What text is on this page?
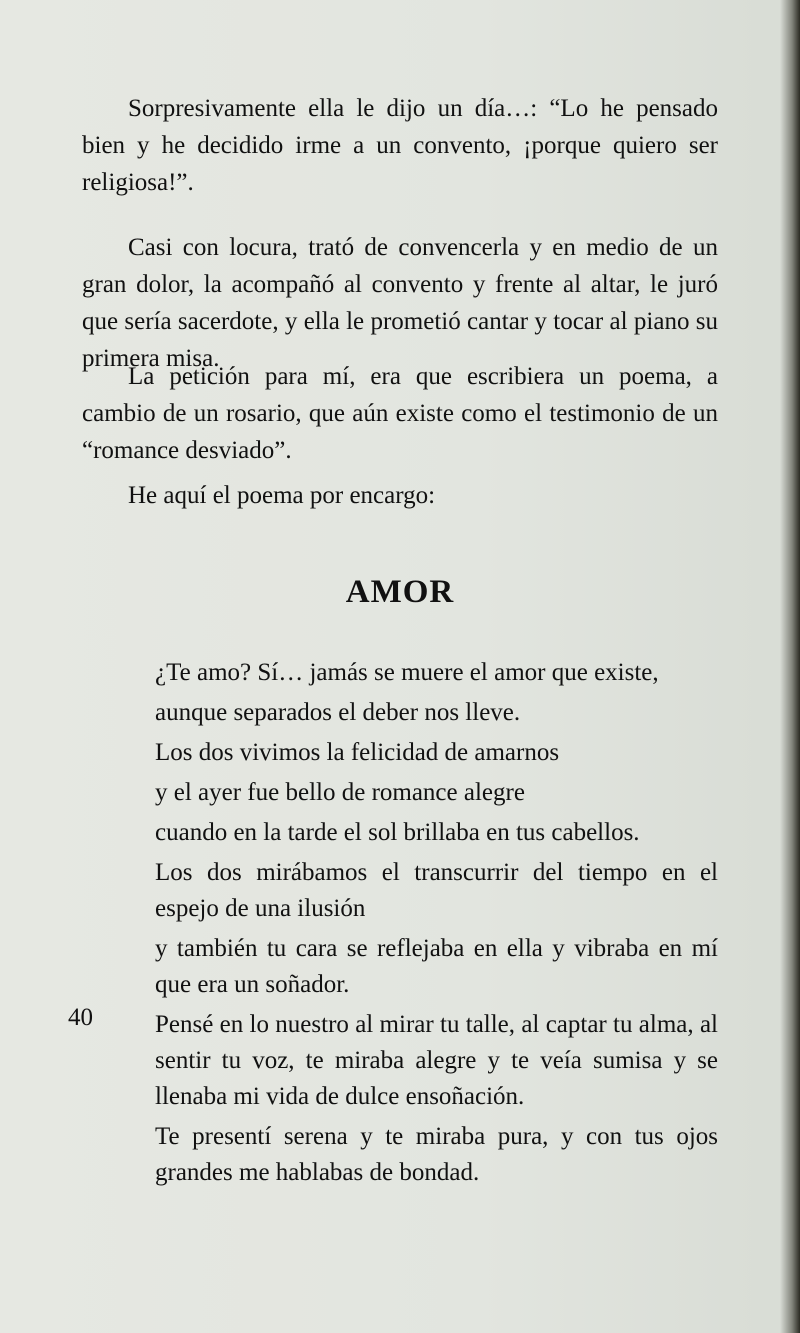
Sorpresivamente ella le dijo un día…: “Lo he pensado bien y he decidido irme a un convento, ¡porque quiero ser religiosa!”.

Casi con locura, trató de convencerla y en medio de un gran dolor, la acompañó al convento y frente al altar, le juró que sería sacerdote, y ella le prometió cantar y tocar al piano su primera misa.

La petición para mí, era que escribiera un poema, a cambio de un rosario, que aún existe como el testimonio de un “romance desviado”.

He aquí el poema por encargo:

AMOR

¿Te amo? Sí… jamás se muere el amor que existe,

aunque separados el deber nos lleve.

Los dos vivimos la felicidad de amarnos

y el ayer fue bello de romance alegre

cuando en la tarde el sol brillaba en tus cabellos.

Los dos mirábamos el transcurrir del tiempo en el espejo de una ilusión

y también tu cara se reflejaba en ella y vibraba en mí que era un soñador.

Pensé en lo nuestro al mirar tu talle, al captar tu alma, al sentir tu voz, te miraba alegre y te veía sumisa y se llenaba mi vida de dulce ensoñación.

Te presentí serena y te miraba pura, y con tus ojos grandes me hablabas de bondad.

40
